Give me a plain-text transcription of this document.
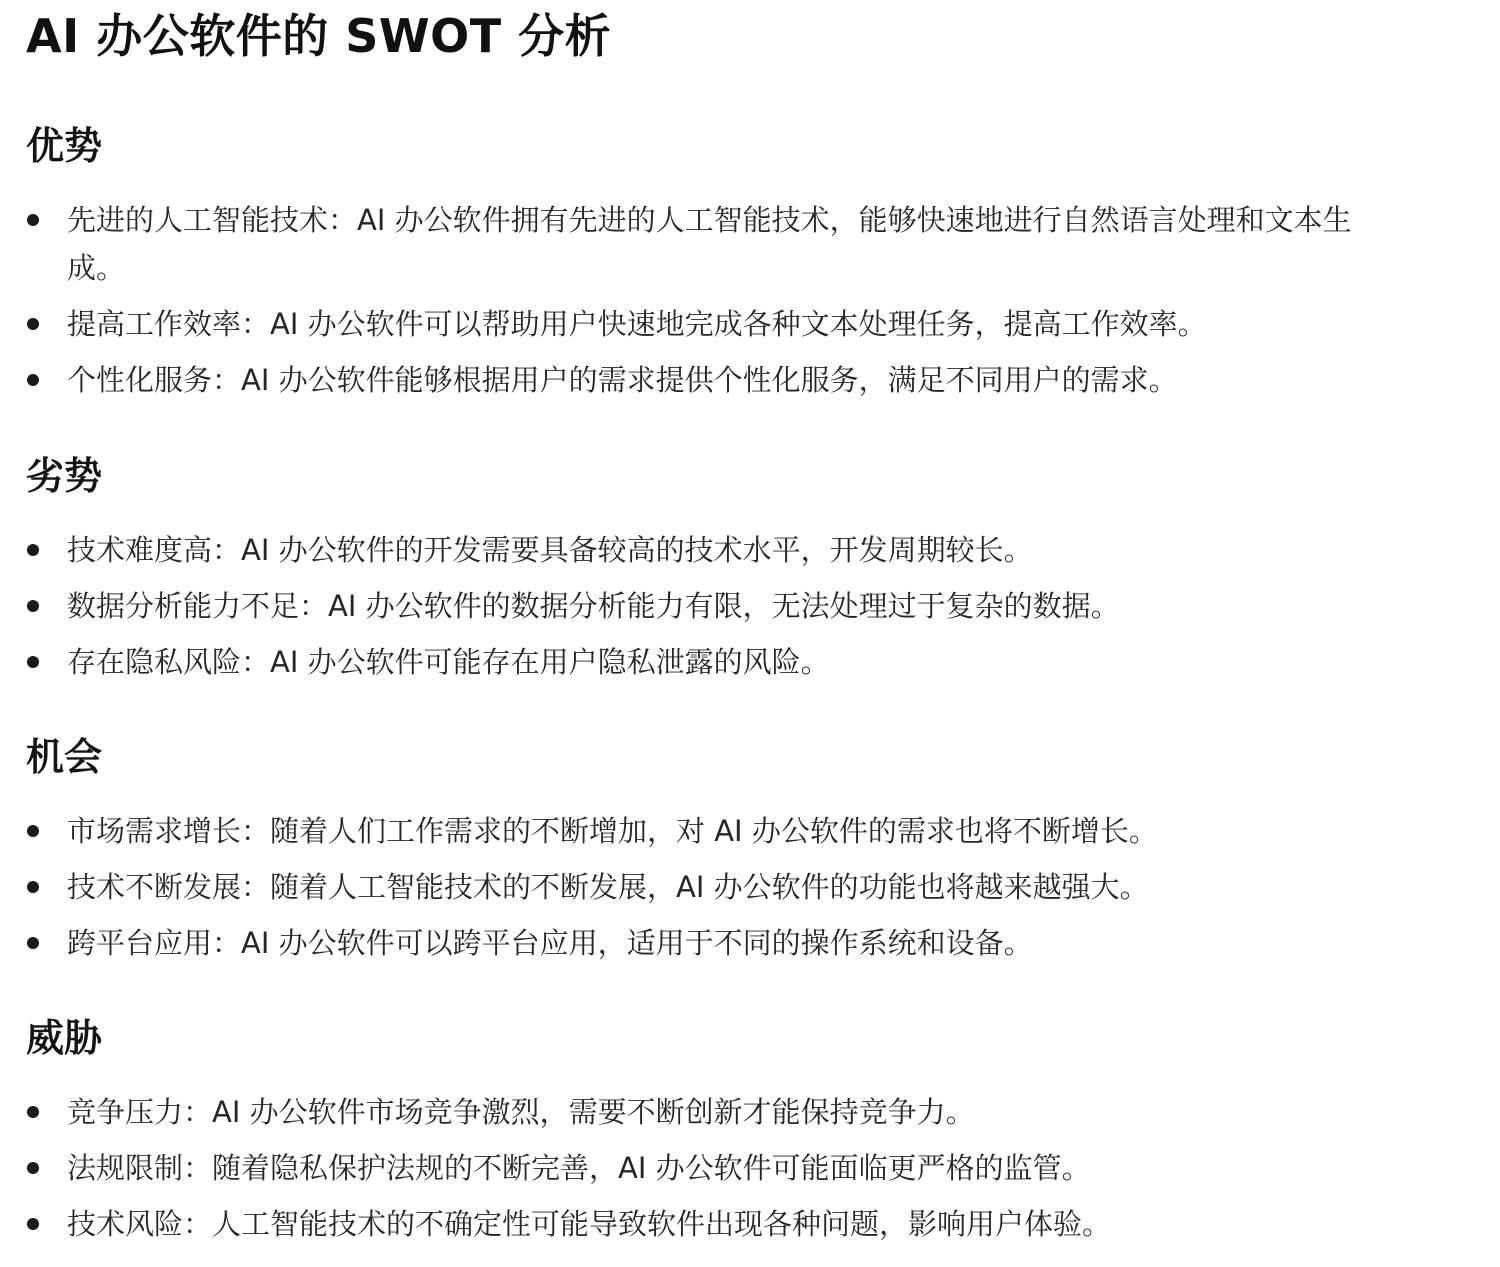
AI 办公软件的 SWOT 分析
优势
先进的人工智能技术：AI 办公软件拥有先进的人工智能技术，能够快速地进行自然语言处理和文本生成。
提高工作效率：AI 办公软件可以帮助用户快速地完成各种文本处理任务，提高工作效率。
个性化服务：AI 办公软件能够根据用户的需求提供个性化服务，满足不同用户的需求。
劣势
技术难度高：AI 办公软件的开发需要具备较高的技术水平，开发周期较长。
数据分析能力不足：AI 办公软件的数据分析能力有限，无法处理过于复杂的数据。
存在隐私风险：AI 办公软件可能存在用户隐私泄露的风险。
机会
市场需求增长：随着人们工作需求的不断增加，对 AI 办公软件的需求也将不断增长。
技术不断发展：随着人工智能技术的不断发展，AI 办公软件的功能也将越来越强大。
跨平台应用：AI 办公软件可以跨平台应用，适用于不同的操作系统和设备。
威胁
竞争压力：AI 办公软件市场竞争激烈，需要不断创新才能保持竞争力。
法规限制：随着隐私保护法规的不断完善，AI 办公软件可能面临更严格的监管。
技术风险：人工智能技术的不确定性可能导致软件出现各种问题，影响用户体验。
